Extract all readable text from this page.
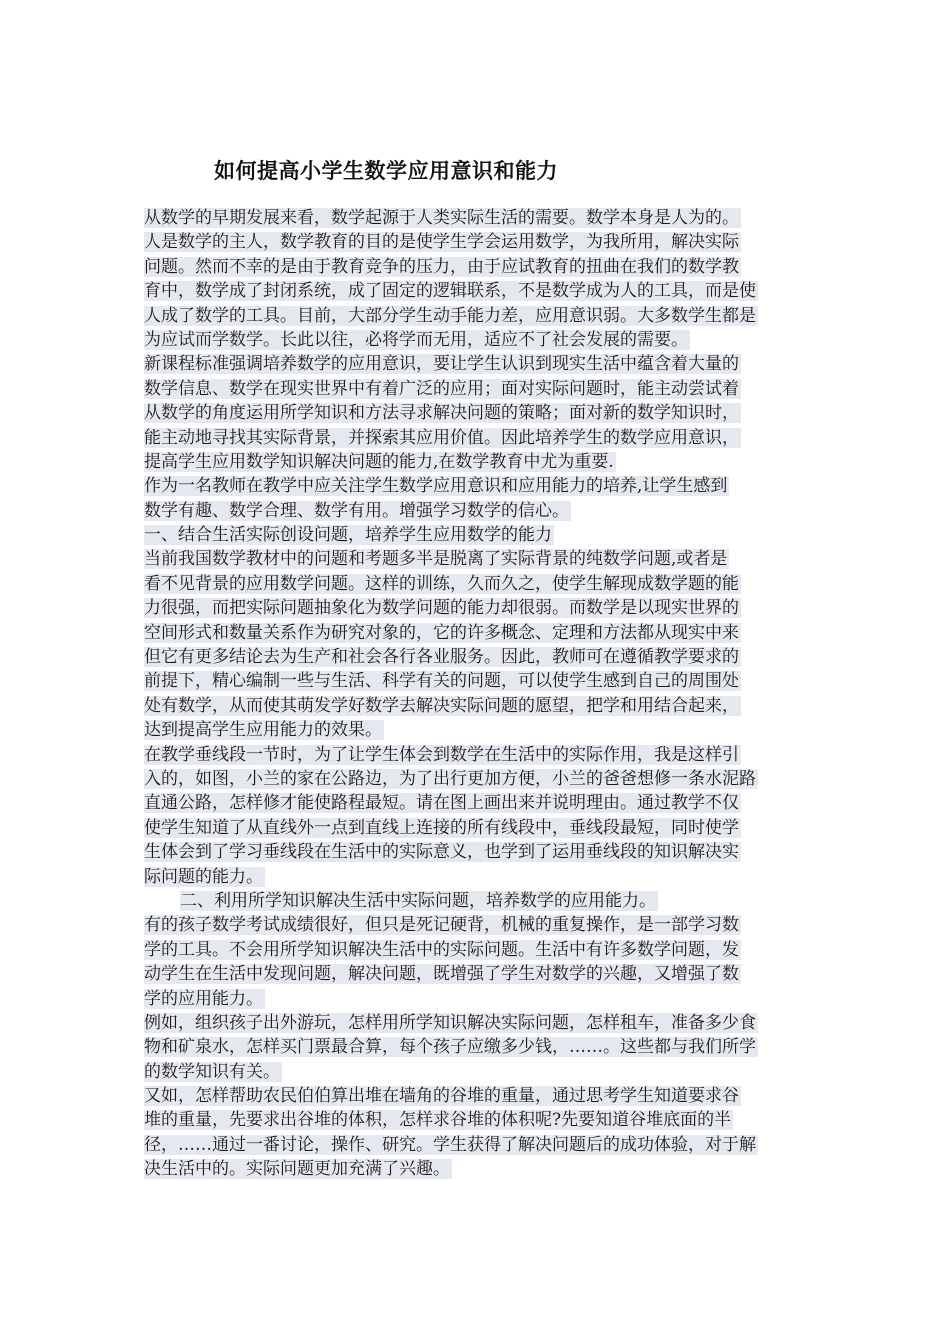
如何提高小学生数学应用意识和能力
从数学的早期发展来看，数学起源于人类实际生活的需要。数学本身是人为的。
人是数学的主人，数学教育的目的是使学生学会运用数学，为我所用，解决实际
问题。然而不幸的是由于教育竞争的压力，由于应试教育的扭曲在我们的数学教
育中，数学成了封闭系统，成了固定的逻辑联系，不是数学成为人的工具，而是使
人成了数学的工具。目前，大部分学生动手能力差，应用意识弱。大多数学生都是
为应试而学数学。长此以往，必将学而无用，适应不了社会发展的需要。
新课程标准强调培养数学的应用意识，要让学生认识到现实生活中蕴含着大量的
数学信息、数学在现实世界中有着广泛的应用；面对实际问题时，能主动尝试着
从数学的角度运用所学知识和方法寻求解决问题的策略；面对新的数学知识时，
能主动地寻找其实际背景，并探索其应用价值。因此培养学生的数学应用意识，
提高学生应用数学知识解决问题的能力,在数学教育中尤为重要.
作为一名教师在教学中应关注学生数学应用意识和应用能力的培养,让学生感到
数学有趣、数学合理、数学有用。增强学习数学的信心。
一、结合生活实际创设问题，培养学生应用数学的能力
当前我国数学教材中的问题和考题多半是脱离了实际背景的纯数学问题,或者是
看不见背景的应用数学问题。这样的训练，久而久之，使学生解现成数学题的能
力很强，而把实际问题抽象化为数学问题的能力却很弱。而数学是以现实世界的
空间形式和数量关系作为研究对象的，它的许多概念、定理和方法都从现实中来
但它有更多结论去为生产和社会各行各业服务。因此，教师可在遵循教学要求的
前提下，精心编制一些与生活、科学有关的问题，可以使学生感到自己的周围处
处有数学，从而使其萌发学好数学去解决实际问题的愿望，把学和用结合起来，
达到提高学生应用能力的效果。
在教学垂线段一节时，为了让学生体会到数学在生活中的实际作用，我是这样引
入的，如图，小兰的家在公路边，为了出行更加方便，小兰的爸爸想修一条水泥路
直通公路，怎样修才能使路程最短。请在图上画出来并说明理由。通过教学不仅
使学生知道了从直线外一点到直线上连接的所有线段中，垂线段最短，同时使学
生体会到了学习垂线段在生活中的实际意义，也学到了运用垂线段的知识解决实
际问题的能力。
二、利用所学知识解决生活中实际问题，培养数学的应用能力。
有的孩子数学考试成绩很好，但只是死记硬背，机械的重复操作，是一部学习数
学的工具。不会用所学知识解决生活中的实际问题。生活中有许多数学问题，发
动学生在生活中发现问题，解决问题，既增强了学生对数学的兴趣，又增强了数
学的应用能力。
例如，组织孩子出外游玩，怎样用所学知识解决实际问题，怎样租车，准备多少食
物和矿泉水，怎样买门票最合算，每个孩子应缴多少钱，……。这些都与我们所学
的数学知识有关。
又如，怎样帮助农民伯伯算出堆在墙角的谷堆的重量，通过思考学生知道要求谷
堆的重量，先要求出谷堆的体积，怎样求谷堆的体积呢?先要知道谷堆底面的半
径，……通过一番讨论，操作、研究。学生获得了解决问题后的成功体验，对于解
决生活中的。实际问题更加充满了兴趣。
